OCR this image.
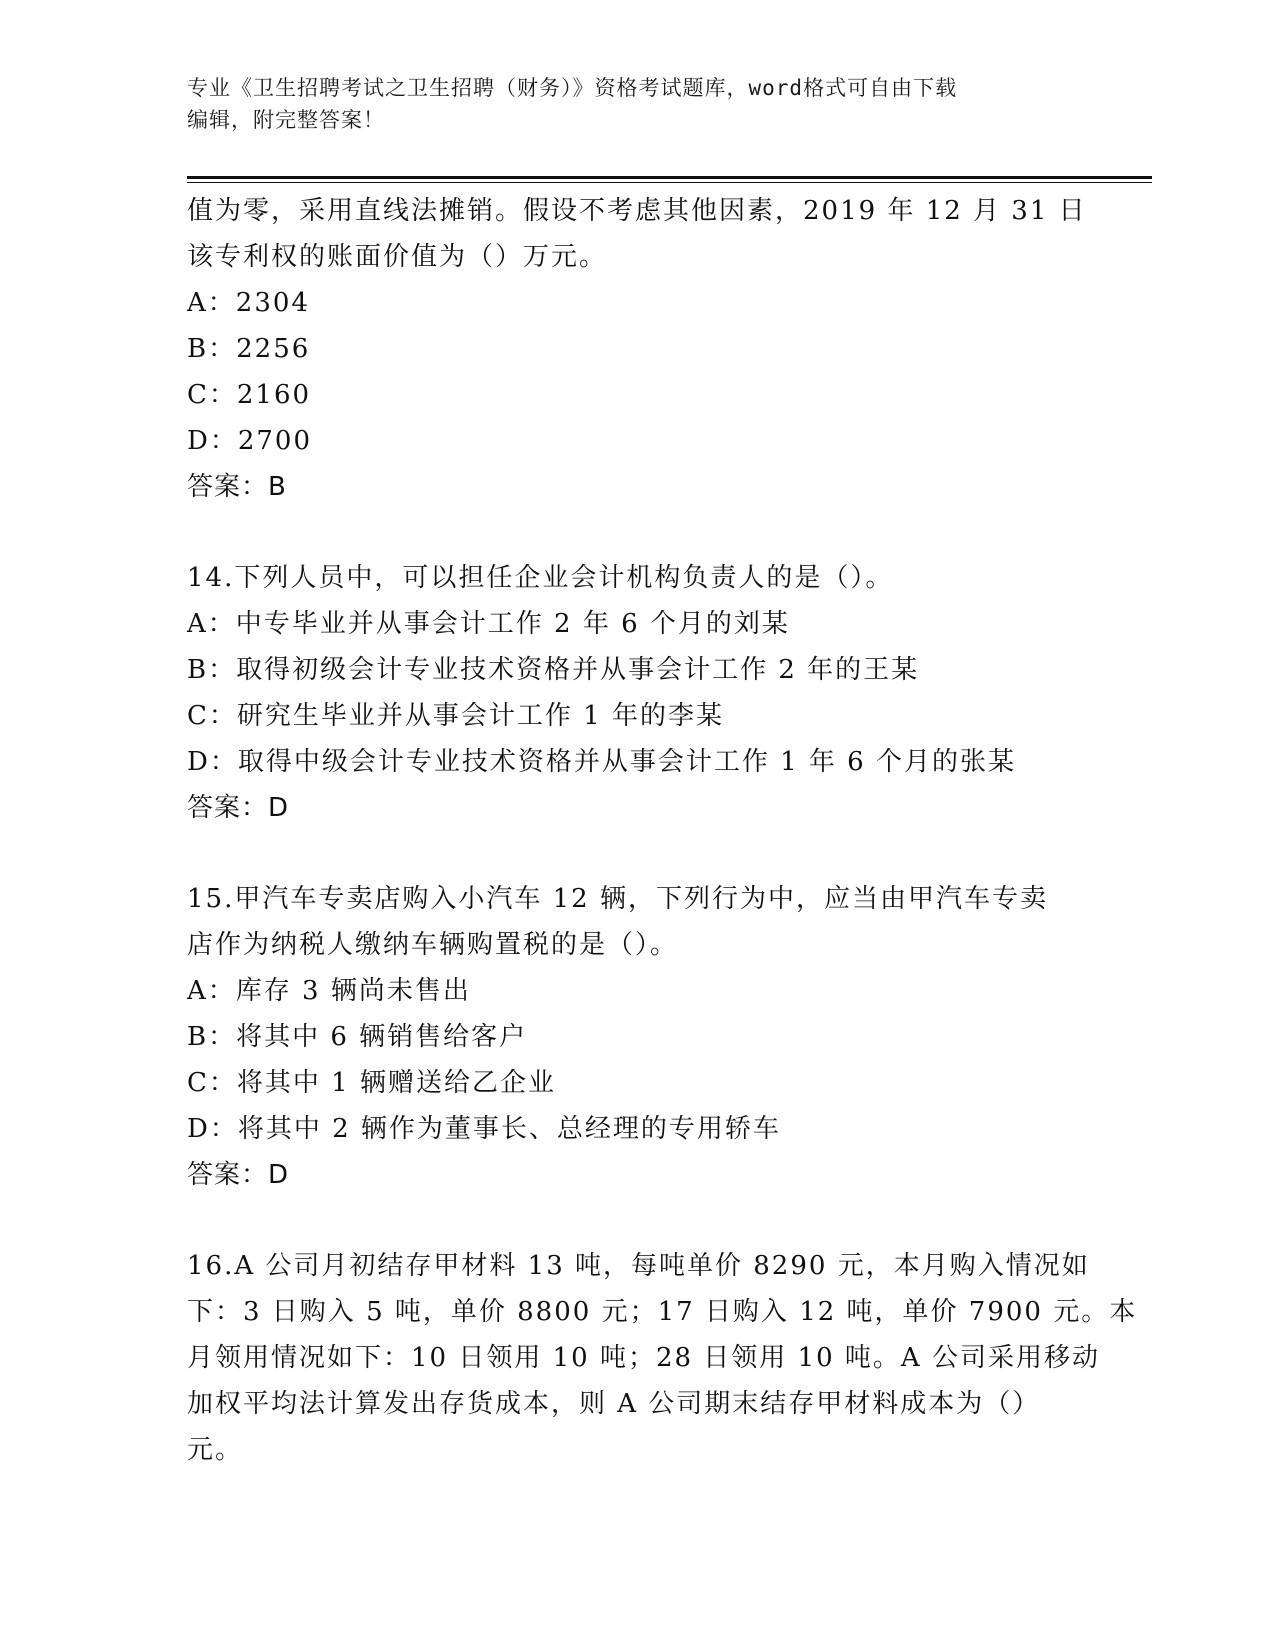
专业《卫生招聘考试之卫生招聘（财务）》资格考试题库，word格式可自由下载
编辑，附完整答案！
值为零，采用直线法摊销。假设不考虑其他因素，2019 年 12 月 31 日
该专利权的账面价值为（）万元。
A：2304
B：2256
C：2160
D：2700
答案：B
14.下列人员中，可以担任企业会计机构负责人的是（）。
A：中专毕业并从事会计工作 2 年 6 个月的刘某
B：取得初级会计专业技术资格并从事会计工作 2 年的王某
C：研究生毕业并从事会计工作 1 年的李某
D：取得中级会计专业技术资格并从事会计工作 1 年 6 个月的张某
答案：D
15.甲汽车专卖店购入小汽车 12 辆，下列行为中，应当由甲汽车专卖
店作为纳税人缴纳车辆购置税的是（）。
A：库存 3 辆尚未售出
B：将其中 6 辆销售给客户
C：将其中 1 辆赠送给乙企业
D：将其中 2 辆作为董事长、总经理的专用轿车
答案：D
16.A 公司月初结存甲材料 13 吨，每吨单价 8290 元，本月购入情况如
下：3 日购入 5 吨，单价 8800 元；17 日购入 12 吨，单价 7900 元。本
月领用情况如下：10 日领用 10 吨；28 日领用 10 吨。A 公司采用移动
加权平均法计算发出存货成本，则 A 公司期末结存甲材料成本为（）
元。
